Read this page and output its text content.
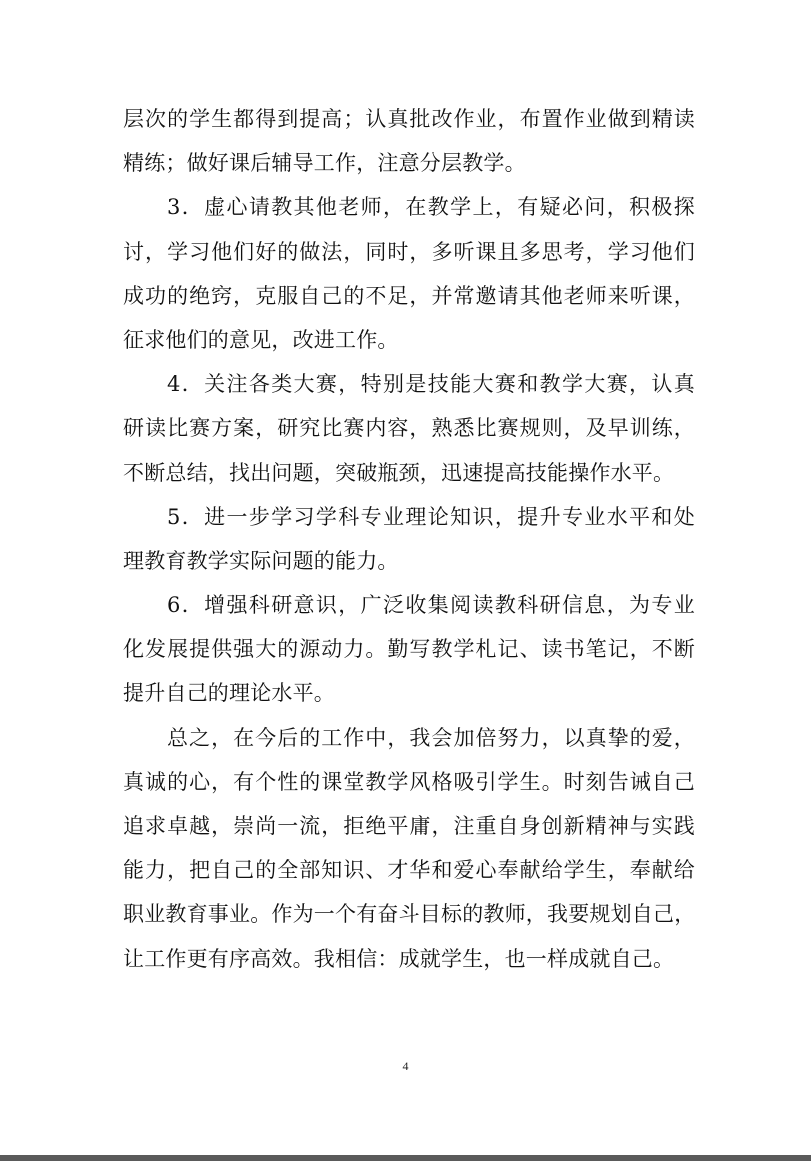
层次的学生都得到提高；认真批改作业，布置作业做到精读
精练；做好课后辅导工作，注意分层教学。
3．虚心请教其他老师，在教学上，有疑必问，积极探
讨，学习他们好的做法，同时，多听课且多思考，学习他们
成功的绝窍，克服自己的不足，并常邀请其他老师来听课，
征求他们的意见，改进工作。
4．关注各类大赛，特别是技能大赛和教学大赛，认真
研读比赛方案，研究比赛内容，熟悉比赛规则，及早训练，
不断总结，找出问题，突破瓶颈，迅速提高技能操作水平。
5．进一步学习学科专业理论知识，提升专业水平和处
理教育教学实际问题的能力。
6．增强科研意识，广泛收集阅读教科研信息，为专业
化发展提供强大的源动力。勤写教学札记、读书笔记，不断
提升自己的理论水平。
总之，在今后的工作中，我会加倍努力，以真挚的爱，
真诚的心，有个性的课堂教学风格吸引学生。时刻告诫自己
追求卓越，崇尚一流，拒绝平庸，注重自身创新精神与实践
能力，把自己的全部知识、才华和爱心奉献给学生，奉献给
职业教育事业。作为一个有奋斗目标的教师，我要规划自己，
让工作更有序高效。我相信：成就学生，也一样成就自己。
4
